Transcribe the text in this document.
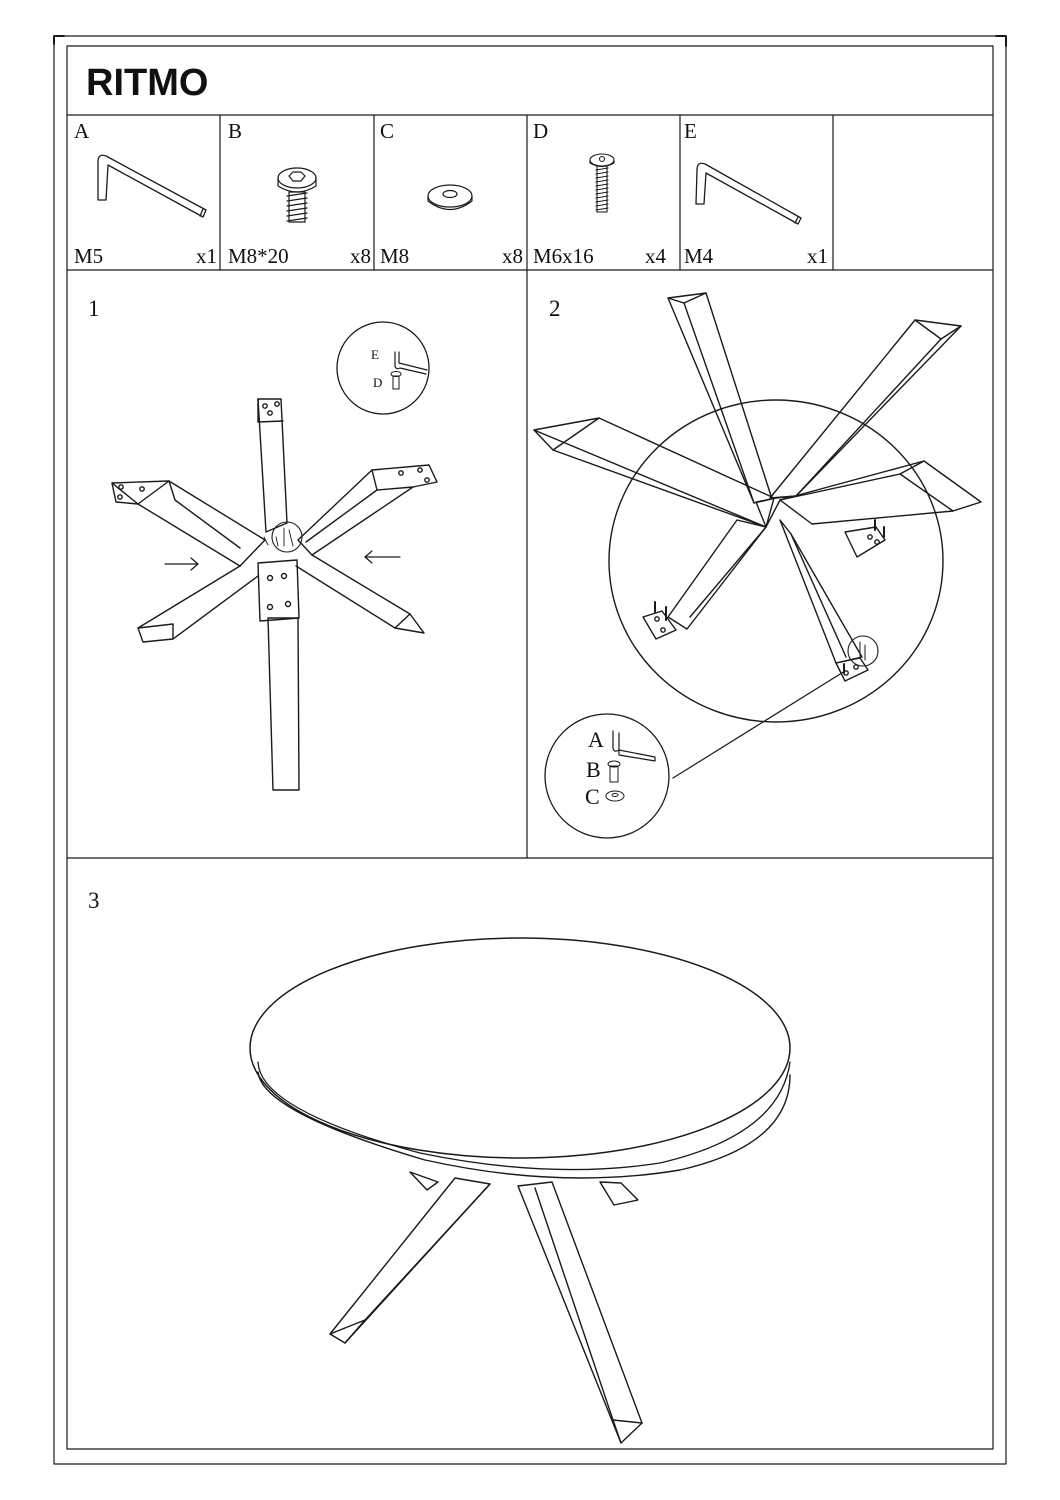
RITMO
A
M5	x1
B
M8*20	x8
C
M8	x8
D
M6x16 x4
E
M4	x1
1	2
3
E
D
A
B
C
